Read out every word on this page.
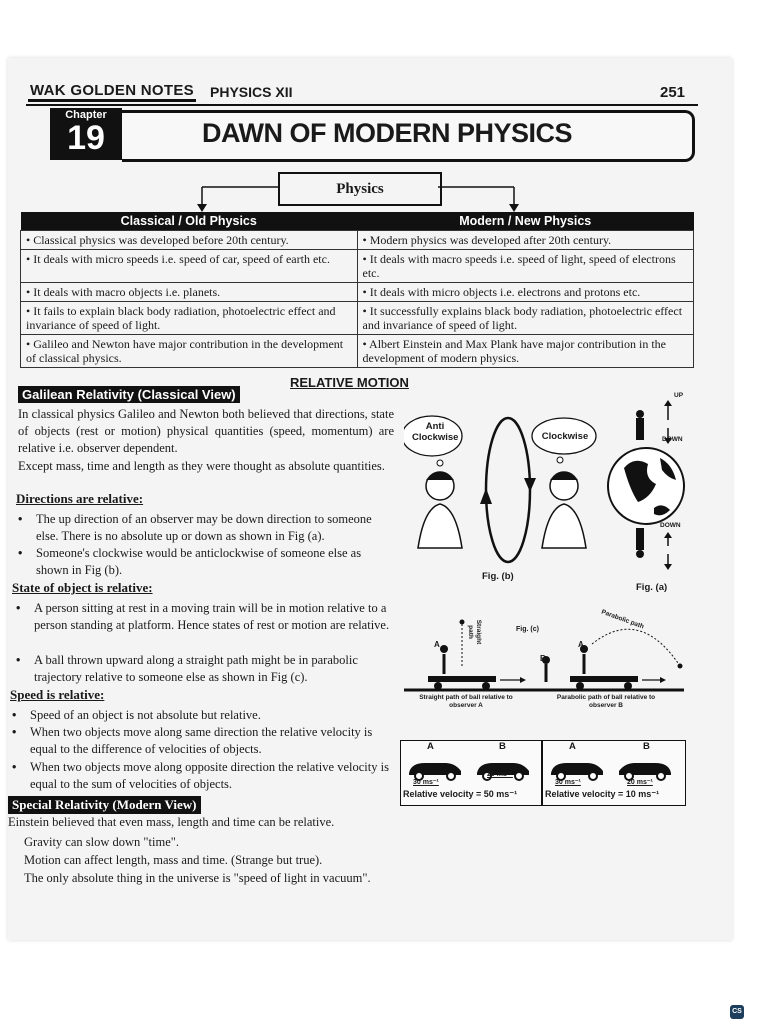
WAK GOLDEN NOTES PHYSICS XII	251
Chapter
19	DAWN OF MODERN PHYSICS
Physics
Classical / Old Physics	Modern / New Physics
• Classical physics was developed before 20th century.	• Modern physics was developed after 20th century.
• It deals with micro speeds i.e. speed of car, speed of earth etc.	• It deals with macro speeds i.e. speed of light, speed of electrons etc.
• It deals with macro objects i.e. planets.	• It deals with micro objects i.e. electrons and protons etc.
• It fails to explain black body radiation, photoelectric effect and invariance of speed of light.	• It successfully explains black body radiation, photoelectric effect and invariance of speed of light.
• Galileo and Newton have major contribution in the development of classical physics.	• Albert Einstein and Max Plank have major contribution in the development of modern physics.
RELATIVE MOTION
Galilean Relativity (Classical View)
In classical physics Galileo and Newton both believed that directions, state of objects (rest or motion) physical quantities (speed, momentum) are relative i.e. observer dependent.
Except mass, time and length as they were thought as absolute quantities.
Directions are relative:
• The up direction of an observer may be down direction to someone else. There is no absolute up or down as shown in Fig (a).
• Someone's clockwise would be anticlockwise of someone else as shown in Fig (b).
State of object is relative:
• A person sitting at rest in a moving train will be in motion relative to a person standing at platform. Hence states of rest or motion are relative.
• A ball thrown upward along a straight path might be in parabolic trajectory relative to someone else as shown in Fig (c).
Speed is relative:
• Speed of an object is not absolute but relative.
• When two objects move along same direction the relative velocity is equal to the difference of velocities of objects.
• When two objects move along opposite direction the relative velocity is equal to the sum of velocities of objects.
Special Relativity (Modern View)
Einstein believed that even mass, length and time can be relative.
Gravity can slow down "time".
Motion can affect length, mass and time. (Strange but true).
The only absolute thing in the universe is "speed of light in vacuum".
Anti Clockwise	Clockwise
Fig. (b)
UP
DOWN
DOWN
Fig. (a)
Straight path
Parabolic path
Fig. (c)
A
B
A
Straight path of ball relative to observer A
Parabolic path of ball relative to observer B
A	B
30 ms⁻¹
20 ms⁻¹
Relative velocity = 50 ms⁻¹
A	B
30 ms⁻¹	20 ms⁻¹
Relative velocity = 10 ms⁻¹
CS
